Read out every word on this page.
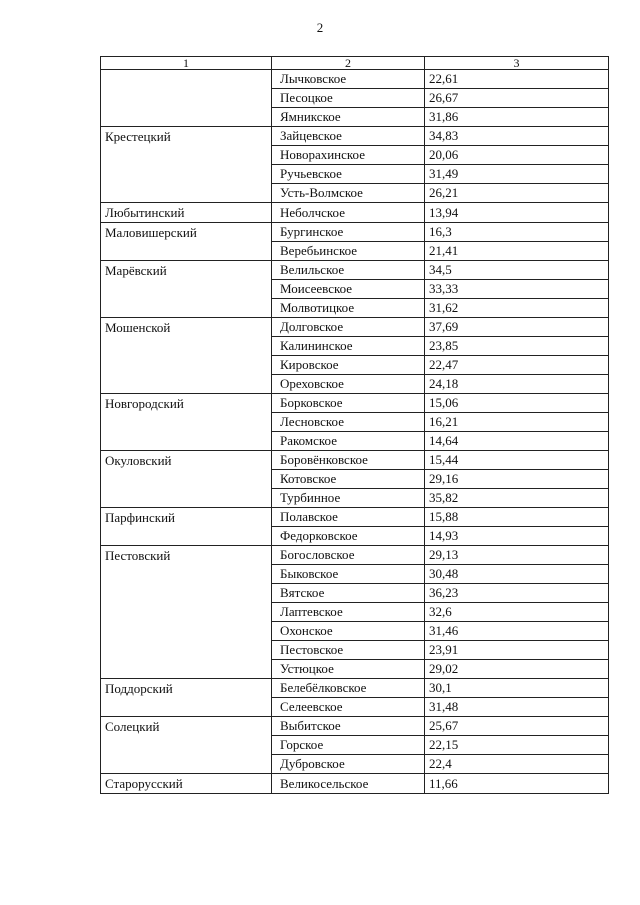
2
1	2	3
	Лычковское	22,61
	Песоцкое	26,67
	Ямникское	31,86
Крестецкий	Зайцевское	34,83
	Новорахинское	20,06
	Ручьевское	31,49
	Усть-Волмское	26,21
Любытинский	Неболчское	13,94
Маловишерский	Бургинское	16,3
	Веребьинское	21,41
Марёвский	Велильское	34,5
	Моисеевское	33,33
	Молвотицкое	31,62
Мошенской	Долговское	37,69
	Калининское	23,85
	Кировское	22,47
	Ореховское	24,18
Новгородский	Борковское	15,06
	Лесновское	16,21
	Ракомское	14,64
Окуловский	Боровёнковское	15,44
	Котовское	29,16
	Турбинное	35,82
Парфинский	Полавское	15,88
	Федорковское	14,93
Пестовский	Богословское	29,13
	Быковское	30,48
	Вятское	36,23
	Лаптевское	32,6
	Охонское	31,46
	Пестовское	23,91
	Устюцкое	29,02
Поддорский	Белебёлковское	30,1
	Селеевское	31,48
Солецкий	Выбитское	25,67
	Горское	22,15
	Дубровское	22,4
Старорусский	Великосельское	11,66
